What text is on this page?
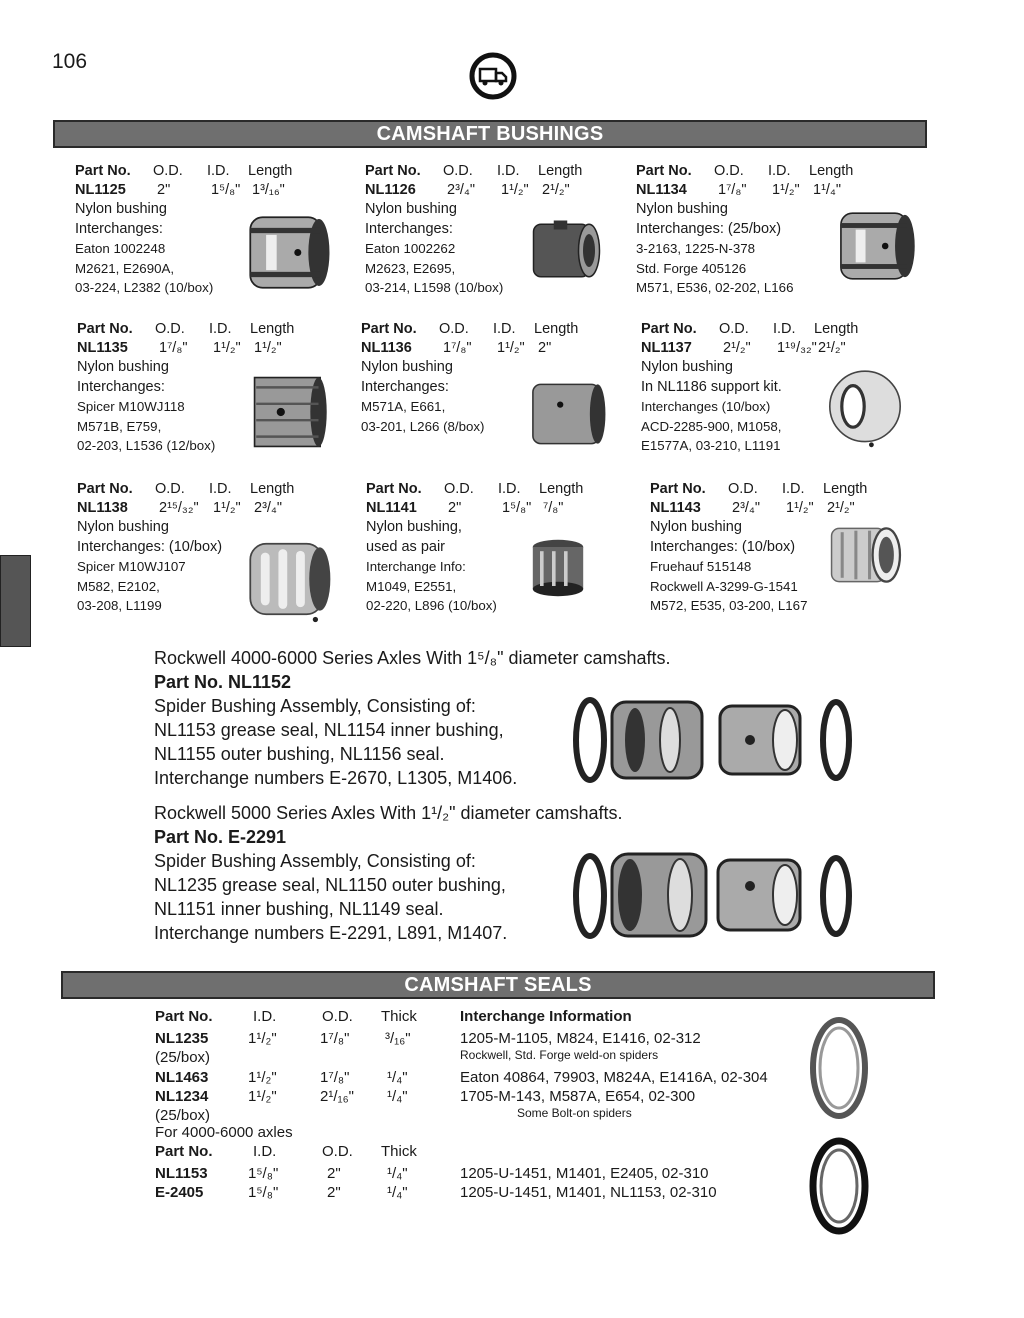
106
CAMSHAFT BUSHINGS
Part No. O.D. I.D. Length
NL1125 2"	1⁵/₈" 1³/₁₆"
Nylon bushing
Interchanges:
Eaton 1002248
M2621, E2690A,
03-224, L2382 (10/box)
Part No. O.D. I.D. Length
NL1126 2³/₄" 1¹/₂" 2¹/₂"
Nylon bushing
Interchanges:
Eaton 1002262
M2623, E2695,
03-214, L1598 (10/box)
Part No. O.D. I.D. Length
NL1134 1⁷/₈" 1¹/₂" 1¹/₄"
Nylon bushing
Interchanges: (25/box)
3-2163, 1225-N-378
Std. Forge 405126
M571, E536, 02-202, L166
Part No. O.D. I.D. Length
NL1135 1⁷/₈" 1¹/₂" 1¹/₂"
Nylon bushing
Interchanges:
Spicer M10WJ118
M571B, E759,
02-203, L1536 (12/box)
Part No. O.D. I.D. Length
NL1136 1⁷/₈" 1¹/₂" 2"
Nylon bushing
Interchanges:
M571A, E661,
03-201, L266 (8/box)
Part No. O.D. I.D. Length
NL1137 2¹/₂" 1¹⁹/₃₂" 2¹/₂"
Nylon bushing
In NL1186 support kit.
Interchanges (10/box)
ACD-2285-900, M1058,
E1577A, 03-210, L1191
Part No. O.D. I.D. Length
NL1138 2¹⁵/₃₂" 1¹/₂" 2³/₄"
Nylon bushing
Interchanges: (10/box)
Spicer M10WJ107
M582, E2102,
03-208, L1199
Part No. O.D. I.D. Length
NL1141 2"	1⁵/₈" ⁷/₈"
Nylon bushing,
used as pair
Interchange Info:
M1049, E2551,
02-220, L896 (10/box)
Part No. O.D. I.D. Length
NL1143 2³/₄" 1¹/₂" 2¹/₂"
Nylon bushing
Interchanges: (10/box)
Fruehauf 515148
Rockwell A-3299-G-1541
M572, E535, 03-200, L167
Rockwell 4000-6000 Series Axles With 1⁵/₈" diameter camshafts.
Part No. NL1152
Spider Bushing Assembly, Consisting of:
NL1153 grease seal, NL1154 inner bushing,
NL1155 outer bushing, NL1156 seal.
Interchange numbers E-2670, L1305, M1406.
Rockwell 5000 Series Axles With 1¹/₂" diameter camshafts.
Part No. E-2291
Spider Bushing Assembly, Consisting of:
NL1235 grease seal, NL1150 outer bushing,
NL1151 inner bushing, NL1149 seal.
Interchange numbers E-2291, L891, M1407.
CAMSHAFT SEALS
Part No.	I.D.	O.D. Thick	Interchange Information
NL1235	1¹/₂"	1⁷/₈" ³/₁₆"	1205-M-1105, M824, E1416, 02-312
(25/box)	Rockwell, Std. Forge weld-on spiders
NL1463	1¹/₂"	1⁷/₈"	¹/₄"	Eaton 40864, 79903, M824A, E1416A, 02-304
NL1234	1¹/₂"	2¹/₁₆" ¹/₄"	1705-M-143, M587A, E654, 02-300
(25/box)	Some Bolt-on spiders
For 4000-6000 axles
Part No.	I.D.	O.D. Thick
NL1153	1⁵/₈"	2"	¹/₄"	1205-U-1451, M1401, E2405, 02-310
E-2405	1⁵/₈"	2"	¹/₄"	1205-U-1451, M1401, NL1153, 02-310
